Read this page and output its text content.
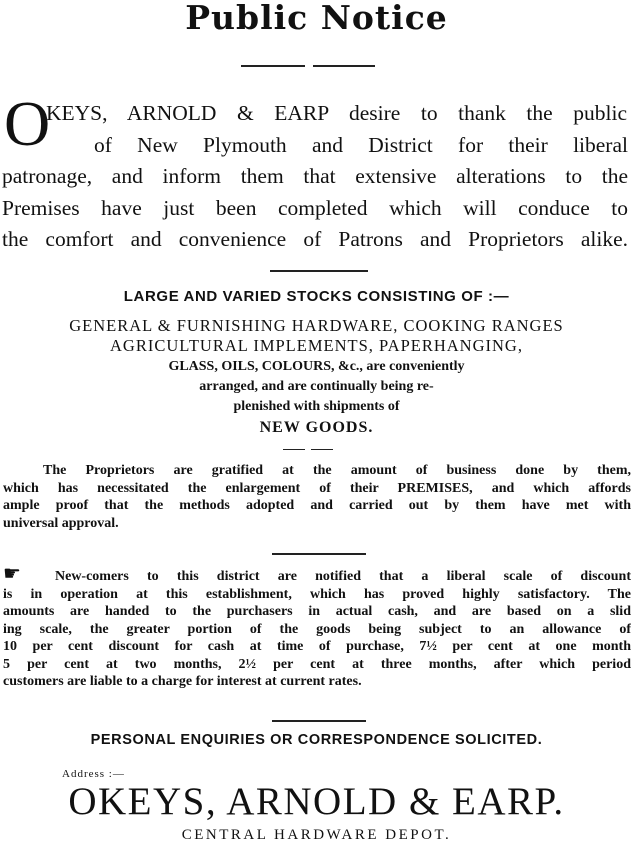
Public Notice
O
KEYS, ARNOLD & EARP desire to thank the public
of New Plymouth and District for their liberal
patronage, and inform them that extensive alterations to the
Premises have just been completed which will conduce to
the comfort and convenience of Patrons and Proprietors alike.
LARGE AND VARIED STOCKS CONSISTING OF :—
GENERAL & FURNISHING HARDWARE, COOKING RANGES
AGRICULTURAL IMPLEMENTS, PAPERHANGING,
GLASS, OILS, COLOURS, &c., are conveniently
arranged, and are continually being re-
plenished with shipments of
NEW GOODS.
The Proprietors are gratified at the amount of business done by them,
which has necessitated the enlargement of their PREMISES, and which affords
ample proof that the methods adopted and carried out by them have met with
universal approval.
☛ New-comers to this district are notified that a liberal scale of discount
is in operation at this establishment, which has proved highly satisfactory. The
amounts are handed to the purchasers in actual cash, and are based on a slid
ing scale, the greater portion of the goods being subject to an allowance of
10 per cent discount for cash at time of purchase, 7½ per cent at one month
5 per cent at two months, 2½ per cent at three months, after which period
customers are liable to a charge for interest at current rates.
PERSONAL ENQUIRIES OR CORRESPONDENCE SOLICITED.
Address :—
OKEYS, ARNOLD & EARP.
CENTRAL HARDWARE DEPOT.
